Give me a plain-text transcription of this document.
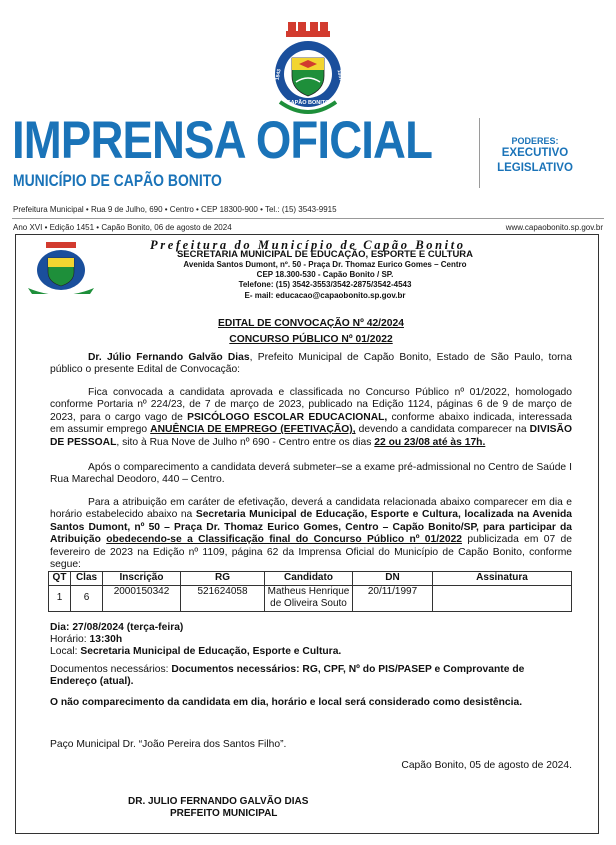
1843	1857
CAPÃO BONITO
IMPRENSA OFICIAL
MUNICÍPIO DE CAPÃO BONITO
PODERES:
EXECUTIVO
LEGISLATIVO
Prefeitura Municipal • Rua 9 de Julho, 690 • Centro • CEP 18300-900 • Tel.: (15) 3543-9915
Ano XVI • Edição 1451 • Capão Bonito, 06 de agosto de 2024	www.capaobonito.sp.gov.br
Prefeitura do Município de Capão Bonito
SECRETARIA MUNICIPAL DE EDUCAÇÃO, ESPORTE E CULTURA
Avenida Santos Dumont, nº. 50 - Praça Dr. Thomaz Eurico Gomes – Centro
CEP 18.300-530 - Capão Bonito / SP.
Telefone: (15) 3542-3553/3542-2875/3542-4543
E- mail: educacao@capaobonito.sp.gov.br
EDITAL DE CONVOCAÇÃO Nº 42/2024
CONCURSO PÚBLICO Nº 01/2022
Dr. Júlio Fernando Galvão Dias, Prefeito Municipal de Capão Bonito, Estado de São Paulo, torna público o presente Edital de Convocação:
Fica convocada a candidata aprovada e classificada no Concurso Público nº 01/2022, homologado conforme Portaria nº 224/23, de 7 de março de 2023, publicado na Edição 1124, páginas 6 de 9 de março de 2023, para o cargo vago de PSICÓLOGO ESCOLAR EDUCACIONAL, conforme abaixo indicada, interessada em assumir emprego ANUÊNCIA DE EMPREGO (EFETIVAÇÃO), devendo a candidata comparecer na DIVISÃO DE PESSOAL, sito à Rua Nove de Julho nº 690 - Centro entre os dias 22 ou 23/08 até às 17h.
Após o comparecimento a candidata deverá submeter–se a exame pré-admissional no Centro de Saúde I Rua Marechal Deodoro, 440 – Centro.
Para a atribuição em caráter de efetivação, deverá a candidata relacionada abaixo comparecer em dia e horário estabelecido abaixo na Secretaria Municipal de Educação, Esporte e Cultura, localizada na Avenida Santos Dumont, nº 50 – Praça Dr. Thomaz Eurico Gomes, Centro – Capão Bonito/SP, para participar da Atribuição obedecendo-se a Classificação final do Concurso Público nº 01/2022 publicizada em 07 de fevereiro de 2023 na Edição nº 1109, página 62 da Imprensa Oficial do Município de Capão Bonito, conforme segue:
QT	Clas	Inscrição	RG	Candidato	DN	Assinatura
1	6	2000150342	521624058	Matheus Henrique de Oliveira Souto	20/11/1997	
Dia: 27/08/2024 (terça-feira)
Horário: 13:30h
Local: Secretaria Municipal de Educação, Esporte e Cultura.
Documentos necessários: Documentos necessários: RG, CPF, Nº do PIS/PASEP e Comprovante de Endereço (atual).
O não comparecimento da candidata em dia, horário e local será considerado como desistência.
Paço Municipal Dr. “João Pereira dos Santos Filho”.
Capão Bonito, 05 de agosto de 2024.
DR. JULIO FERNANDO GALVÃO DIAS
PREFEITO MUNICIPAL
